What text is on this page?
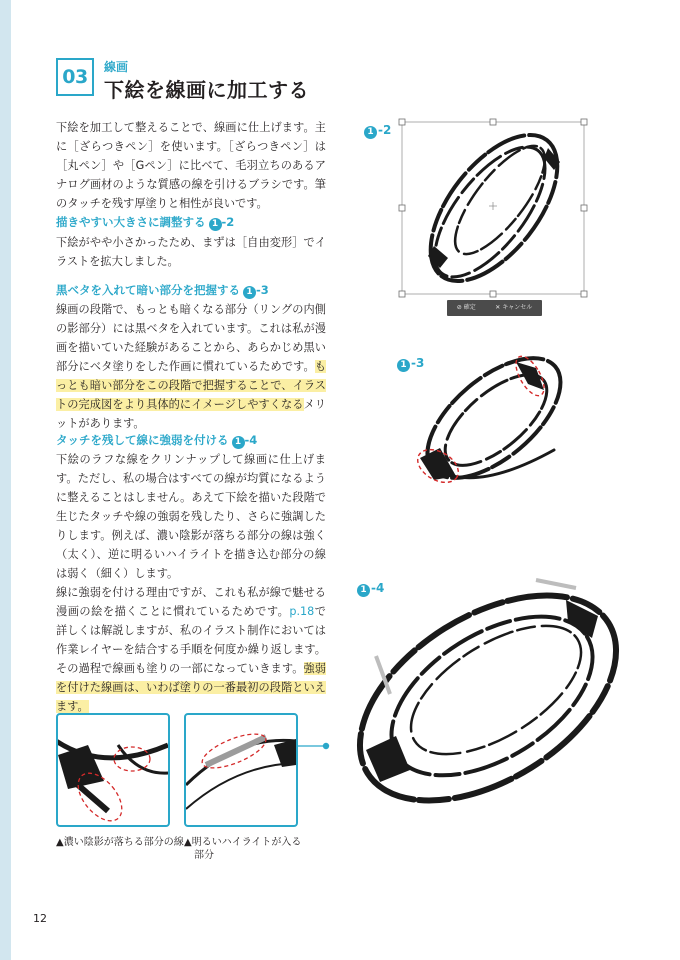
03	線画
下絵を線画に加工する

下絵を加工して整えることで、線画に仕上げます。主に［ざらつきペン］を使います。［ざらつきペン］は［丸ペン］や［Gペン］に比べて、毛羽立ちのあるアナログ画材のような質感の線を引けるブラシです。筆のタッチを残す厚塗りと相性が良いです。

描きやすい大きさに調整する 1 -2

下絵がやや小さかったため、まずは［自由変形］でイラストを拡大しました。

黒ベタを入れて暗い部分を把握する 1 -3

線画の段階で、もっとも暗くなる部分（リングの内側の影部分）には黒ベタを入れています。これは私が漫画を描いていた経験があることから、あらかじめ黒い部分にベタ塗りをした作画に慣れているためです。もっとも暗い部分をこの段階で把握することで、イラストの完成図をより具体的にイメージしやすくなるメリットがあります。

タッチを残して線に強弱を付ける 1 -4

下絵のラフな線をクリンナップして線画に仕上げます。ただし、私の場合はすべての線が均質になるように整えることはしません。あえて下絵を描いた段階で生じたタッチや線の強弱を残したり、さらに強調したりします。例えば、濃い陰影が落ちる部分の線は強く（太く）、逆に明るいハイライトを描き込む部分の線は弱く（細く）します。

線に強弱を付ける理由ですが、これも私が線で魅せる漫画の絵を描くことに慣れているためです。p.18で詳しくは解説しますが、私のイラスト制作においては作業レイヤーを結合する手順を何度か繰り返します。その過程で線画も塗りの一部になっていきます。強弱を付けた線画は、いわば塗りの一番最初の段階といえます。

1 -2
⊘ 確定	✕ キャンセル
1 -3
1 -4
▲濃い陰影が落ちる部分の線 ▲明るいハイライトが入る
部分
12
